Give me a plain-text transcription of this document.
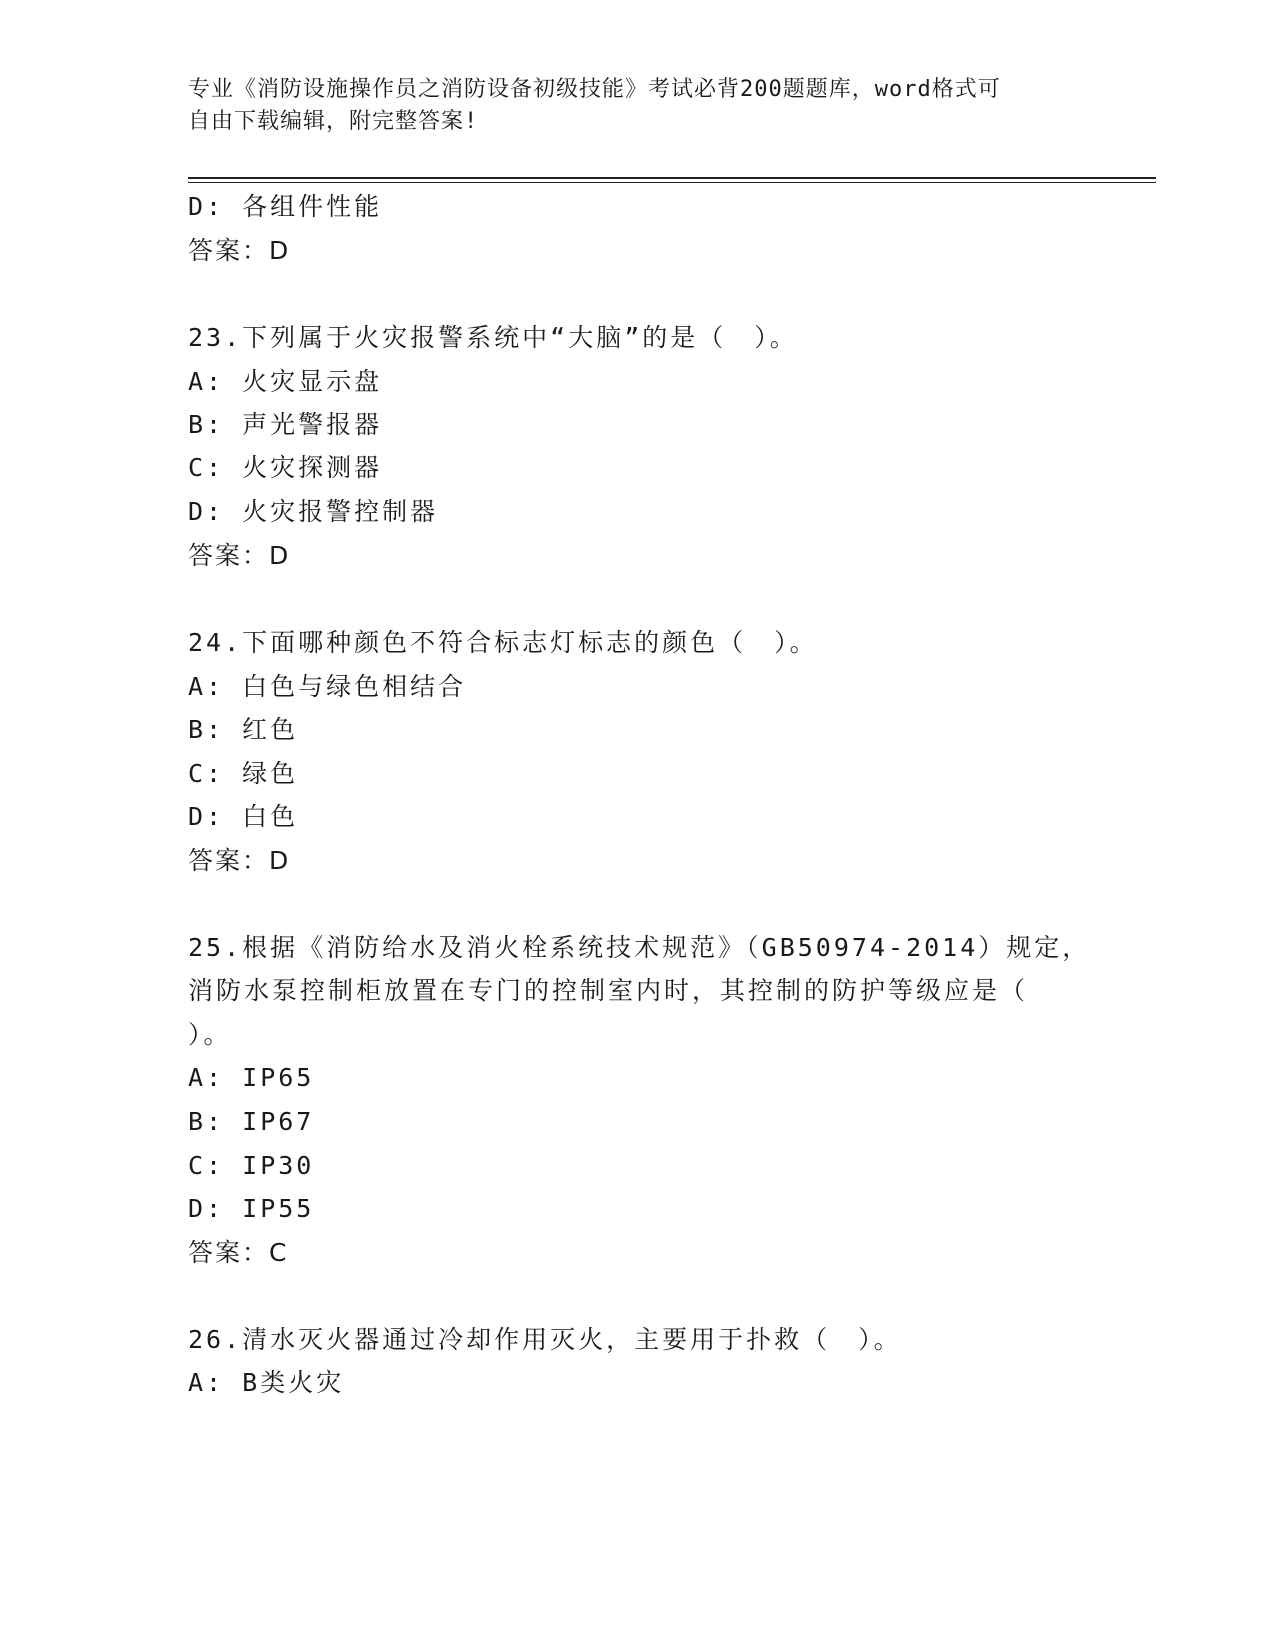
专业《消防设施操作员之消防设备初级技能》考试必背200题题库，word格式可
自由下载编辑，附完整答案!
D: 各组件性能
答案：D
23.下列属于火灾报警系统中“大脑”的是（　）。
A: 火灾显示盘
B: 声光警报器
C: 火灾探测器
D: 火灾报警控制器
答案：D
24.下面哪种颜色不符合标志灯标志的颜色（　）。
A: 白色与绿色相结合
B: 红色
C: 绿色
D: 白色
答案：D
25.根据《消防给水及消火栓系统技术规范》（GB50974-2014）规定，
消防水泵控制柜放置在专门的控制室内时，其控制的防护等级应是（
）。
A: IP65
B: IP67
C: IP30
D: IP55
答案：C
26.清水灭火器通过冷却作用灭火，主要用于扑救（　）。
A: B类火灾
